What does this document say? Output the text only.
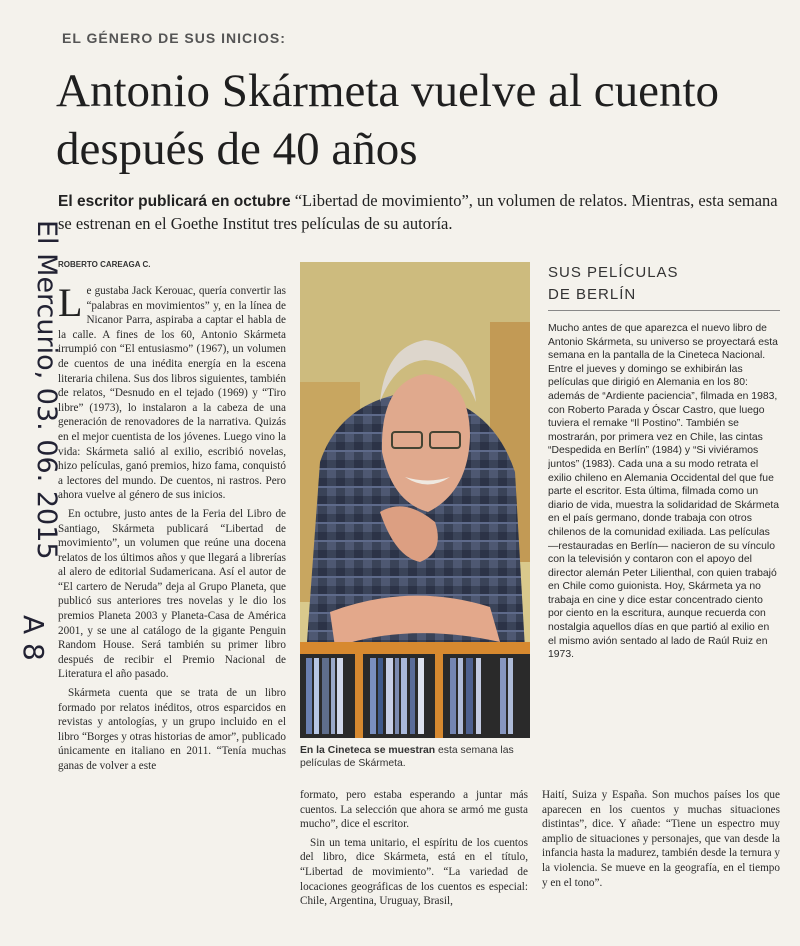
EL GÉNERO DE SUS INICIOS:
Antonio Skármeta vuelve al cuento después de 40 años
El escritor publicará en octubre “Libertad de movimiento”, un volumen de relatos. Mientras, esta semana se estrenan en el Goethe Institut tres películas de su autoría.
ROBERTO CAREAGA C.
El Mercurio, 03. 06. 2015
A 8

Le gustaba Jack Kerouac, quería convertir las “palabras en movimientos” y, en la línea de Nicanor Parra, aspiraba a captar el habla de la calle. A fines de los 60, Antonio Skármeta irrumpió con “El entusiasmo” (1967), un volumen de cuentos de una inédita energía en la escena literaria chilena. Sus dos libros siguientes, también de relatos, “Desnudo en el tejado (1969) y “Tiro libre” (1973), lo instalaron a la cabeza de una generación de renovadores de la narrativa. Quizás en el mejor cuentista de los jóvenes. Luego vino la vida: Skármeta salió al exilio, escribió novelas, hizo películas, ganó premios, hizo fama, conquistó a lectores del mundo. De cuentos, ni rastros. Pero ahora vuelve al género de sus inicios.

En octubre, justo antes de la Feria del Libro de Santiago, Skármeta publicará “Libertad de movimiento”, un volumen que reúne una docena relatos de los últimos años y que llegará a librerías al alero de editorial Sudamericana. Así el autor de “El cartero de Neruda” deja al Grupo Planeta, que publicó sus anteriores tres novelas y le dio los premios Planeta 2003 y Planeta-Casa de América 2001, y se une al catálogo de la gigante Penguin Random House. Será también su primer libro después de recibir el Premio Nacional de Literatura el año pasado.

Skármeta cuenta que se trata de un libro formado por relatos inéditos, otros esparcidos en revistas y antologías, y un grupo incluido en el libro “Borges y otras historias de amor”, publicado únicamente en italiano en 2011. “Tenía muchas ganas de volver a este

En la Cineteca se muestran esta semana las películas de Skármeta.
SUS PELÍCULAS
DE BERLÍN

Mucho antes de que aparezca el nuevo libro de Antonio Skármeta, su universo se proyectará esta semana en la pantalla de la Cineteca Nacional. Entre el jueves y domingo se exhibirán las películas que dirigió en Alemania en los 80: además de “Ardiente paciencia”, filmada en 1983, con Roberto Parada y Óscar Castro, que luego tuviera el remake “Il Postino”. También se mostrarán, por primera vez en Chile, las cintas “Despedida en Berlín” (1984) y “Si viviéramos juntos” (1983). Cada una a su modo retrata el exilio chileno en Alemania Occidental del que fue parte el escritor. Esta última, filmada como un diario de vida, muestra la solidaridad de Skármeta en el país germano, donde trabaja con otros chilenos de la comunidad exiliada. Las películas —restauradas en Berlín— nacieron de su vínculo con la televisión y contaron con el apoyo del director alemán Peter Lilienthal, con quien trabajó en Chile como guionista. Hoy, Skármeta ya no trabaja en cine y dice estar concentrado ciento por ciento en la escritura, aunque recuerda con nostalgia aquellos días en que partió al exilio en el mismo avión sentado al lado de Raúl Ruiz en 1973.

formato, pero estaba esperando a juntar más cuentos. La selección que ahora se armó me gusta mucho”, dice el escritor.

Sin un tema unitario, el espíritu de los cuentos del libro, dice Skármeta, está en el título, “Libertad de movimiento”. “La variedad de locaciones geográficas de los cuentos es especial: Chile, Argentina, Uruguay, Brasil,

Haití, Suiza y España. Son muchos países los que aparecen en los cuentos y muchas situaciones distintas”, dice. Y añade: “Tiene un espectro muy amplio de situaciones y personajes, que van desde la infancia hasta la madurez, también desde la ternura y la violencia. Se mueve en la geografía, en el tiempo y en el tono”.
